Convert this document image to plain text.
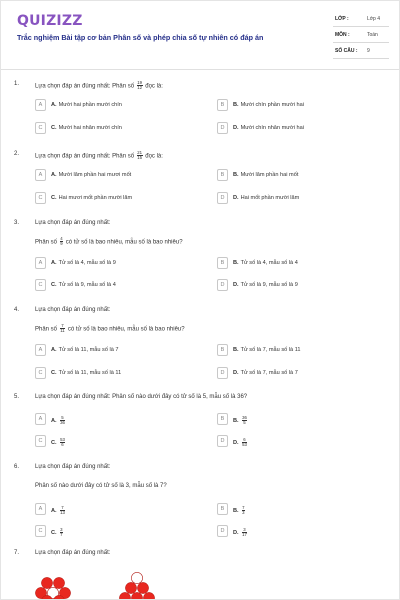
QUIZIZZ
Trắc nghiệm Bài tập cơ bản Phân số và phép chia số tự nhiên có đáp án
LỚP :	Lớp 4
MÔN :	Toán
SỐ CÂU : 9
1.	Lựa chọn đáp án đúng nhất: Phân số $\frac{19}{12}$ đọc là:
A	A. Mười hai phần mười chín	B	B. Mười chín phần mười hai
C	C. Mười hai nhân mười chín	D	D. Mười chín nhân mười hai
2.	Lựa chọn đáp án đúng nhất: Phân số $\frac{21}{15}$ đọc là:
A	A. Mười lăm phần hai mươi mốt	B	B. Mười lăm phần hai mốt
C	C. Hai mươi mốt phần mười lăm	D	D. Hai mốt phần mười lăm
3.	Lựa chọn đáp án đúng nhất:
Phân số $\frac{4}{9}$ có tử số là bao nhiêu, mẫu số là bao nhiêu?
A	A. Tử số là 4, mẫu số là 9	B	B. Tử số là 4, mẫu số là 4
C	C. Tử số là 9, mẫu số là 4	D	D. Tử số là 9, mẫu số là 9
4.	Lựa chọn đáp án đúng nhất:
Phân số $\frac{7}{11}$ có tử số là bao nhiêu, mẫu số là bao nhiêu?
A	A. Tử số là 11, mẫu số là 7	B	B. Tử số là 7, mẫu số là 11
C	C. Tử số là 11, mẫu số là 11	D	D. Tử số là 7, mẫu số là 7
5.	Lựa chọn đáp án đúng nhất: Phân số nào dưới đây có tử số là 5, mẫu số là 36?
A	A. $\frac{5}{36}$	B	B. $\frac{36}{5}$
C	C. $\frac{53}{6}$	D	D. $\frac{6}{53}$
6.	Lựa chọn đáp án đúng nhất:
Phân số nào dưới đây có tử số là 3, mẫu số là 7?
A	A. $\frac{7}{13}$	B	B. $\frac{7}{3}$
C	C. $\frac{3}{7}$	D	D. $\frac{3}{17}$
7.	Lựa chọn đáp án đúng nhất:
